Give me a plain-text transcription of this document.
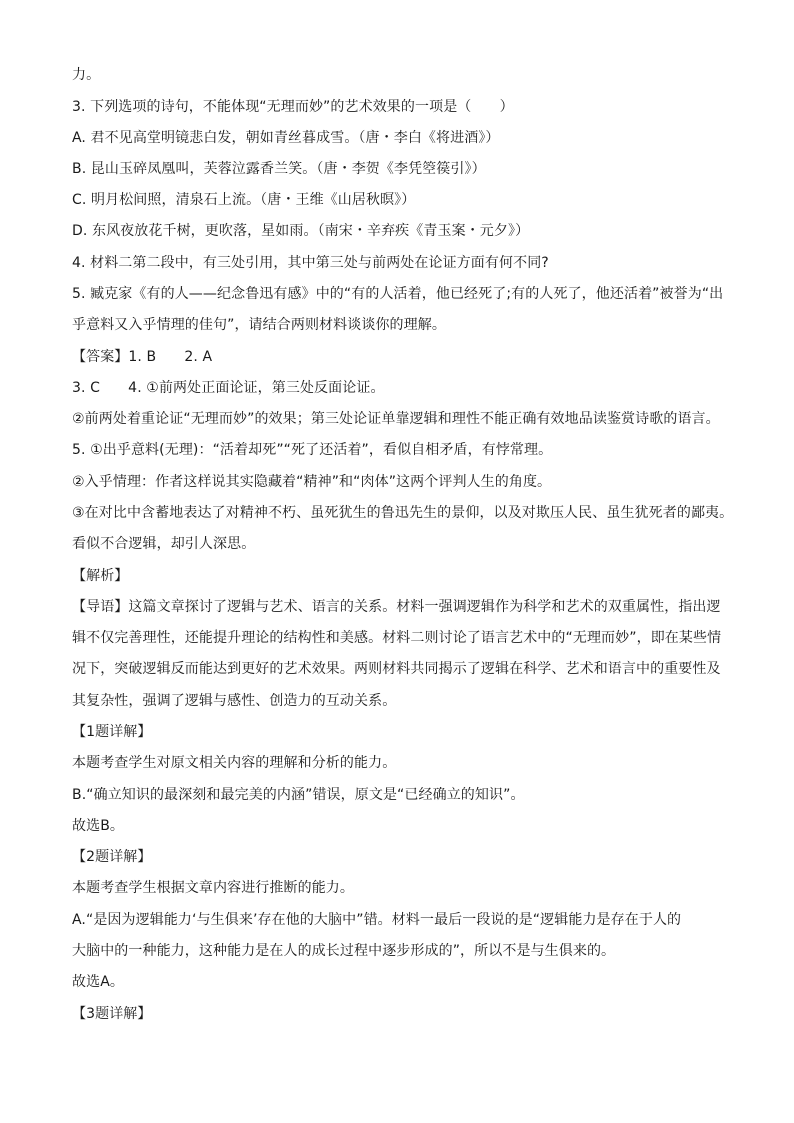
力。
3. 下列选项的诗句，不能体现“无理而妙”的艺术效果的一项是（　　）
A. 君不见高堂明镜悲白发，朝如青丝暮成雪。（唐・李白《将进酒》）
B. 昆山玉碎凤凰叫，芙蓉泣露香兰笑。（唐・李贺《李凭箜篌引》）
C. 明月松间照，清泉石上流。（唐・王维《山居秋暝》）
D. 东风夜放花千树，更吹落，星如雨。（南宋・辛弃疾《青玉案・元夕》）
4. 材料二第二段中，有三处引用，其中第三处与前两处在论证方面有何不同?
5. 臧克家《有的人——纪念鲁迅有感》中的“有的人活着，他已经死了;有的人死了，他还活着”被誉为“出
乎意料又入乎情理的佳句”，请结合两则材料谈谈你的理解。
【答案】1. B　　2. A
3. C　　4. ①前两处正面论证，第三处反面论证。
②前两处着重论证“无理而妙”的效果；第三处论证单靠逻辑和理性不能正确有效地品读鉴赏诗歌的语言。
5. ①出乎意料(无理)：“活着却死”“死了还活着”，看似自相矛盾，有悖常理。
②入乎情理：作者这样说其实隐藏着“精神”和“肉体”这两个评判人生的角度。
③在对比中含蓄地表达了对精神不朽、虽死犹生的鲁迅先生的景仰，以及对欺压人民、虽生犹死者的鄙夷。
看似不合逻辑，却引人深思。
【解析】
【导语】这篇文章探讨了逻辑与艺术、语言的关系。材料一强调逻辑作为科学和艺术的双重属性，指出逻
辑不仅完善理性，还能提升理论的结构性和美感。材料二则讨论了语言艺术中的“无理而妙”，即在某些情
况下，突破逻辑反而能达到更好的艺术效果。两则材料共同揭示了逻辑在科学、艺术和语言中的重要性及
其复杂性，强调了逻辑与感性、创造力的互动关系。
【1题详解】
本题考查学生对原文相关内容的理解和分析的能力。
B.“确立知识的最深刻和最完美的内涵”错误，原文是“已经确立的知识”。
故选B。
【2题详解】
本题考查学生根据文章内容进行推断的能力。
A.“是因为逻辑能力‘与生俱来’存在他的大脑中”错。材料一最后一段说的是“逻辑能力是存在于人的
大脑中的一种能力，这种能力是在人的成长过程中逐步形成的”，所以不是与生俱来的。
故选A。
【3题详解】
